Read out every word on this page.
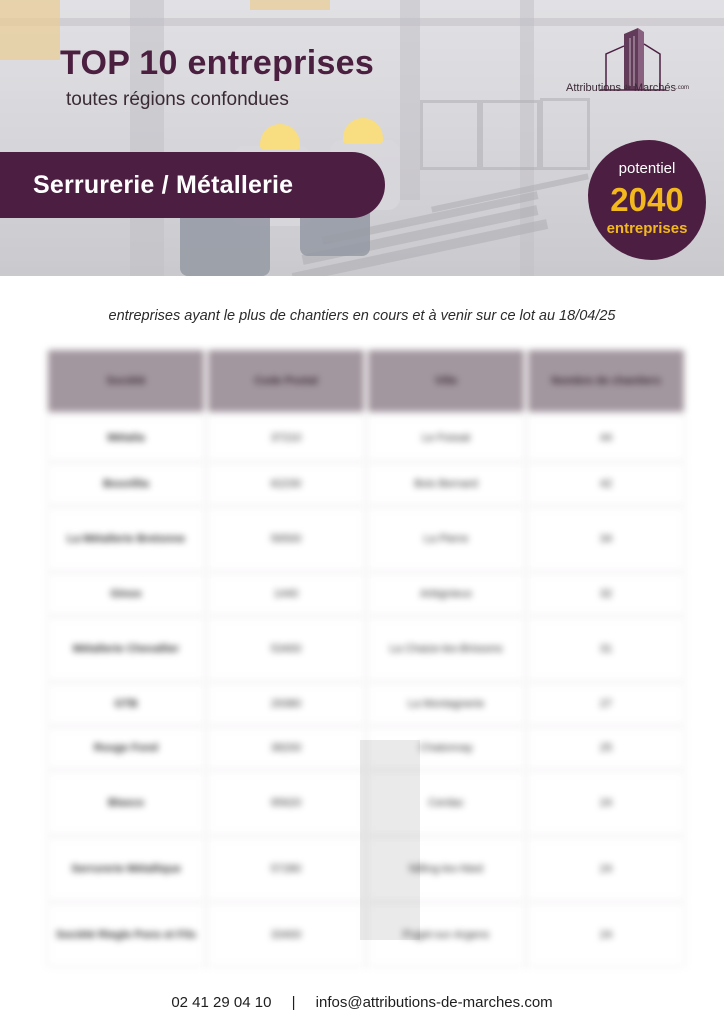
TOP 10 entreprises
toutes régions confondues
Attributions de Marchés.com
Serrurerie / Métallerie
potentiel
2040
entreprises
entreprises ayant le plus de chantiers en cours et à venir sur ce lot au 18/04/25
Société	Code Postal	Ville	Nombre de chantiers
Métalia	37210	Le Fossat	44
Bouvillia	62230	Bois Bernard	42
La Métallerie Bretonne	56500	La Pierre	34
Ginox	1440	Arbignieux	32
Métallerie Chevallier	53400	La Chaize-les-Brissons	31
GTB	29380	La Montagnerie	27
Rouge Fond	38200	Chatonnay	25
Blasco	95620	Cerdac	24
Serrurerie Métallique	57280	Nilling-les-Nied	24
Société Riegle Pons et Fils	33400	Puget-sur-Argens	24
02 41 29 04 10 | infos@attributions-de-marches.com
